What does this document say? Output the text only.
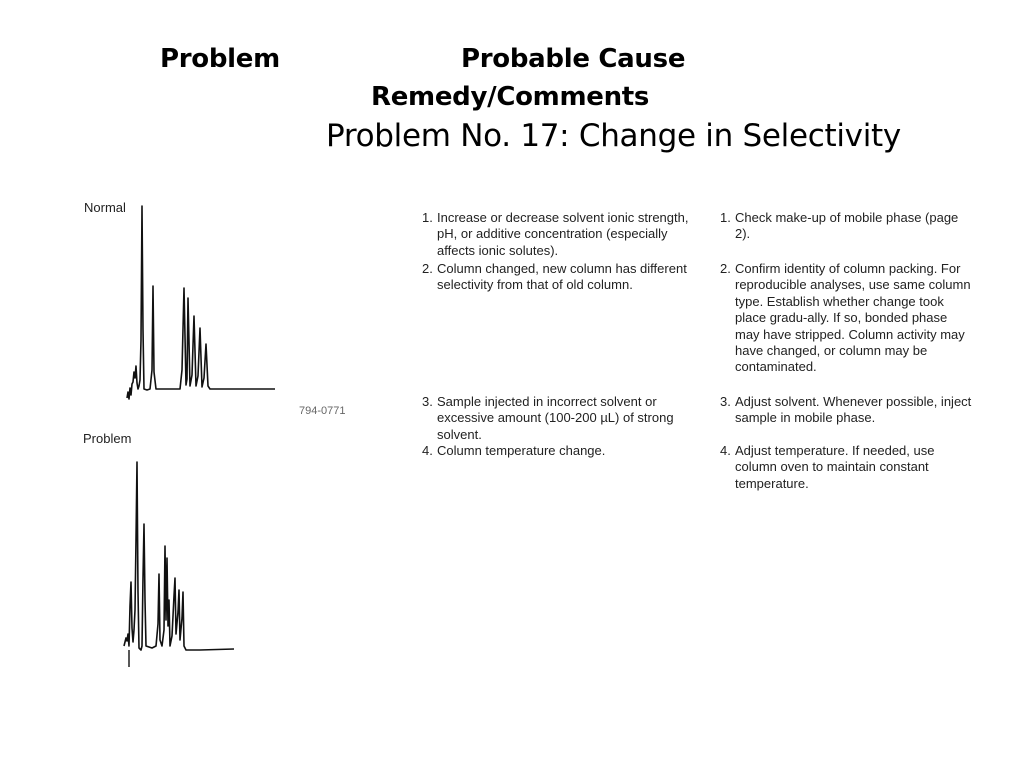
Problem	Probable Cause
Remedy/Comments
Problem No. 17: Change in Selectivity
Normal
Problem
794-0771
1. Increase or decrease solvent ionic strength, pH, or additive concentration (especially affects ionic solutes).
2. Column changed, new column has different selectivity from that of old column.
3. Sample injected in incorrect solvent or excessive amount (100-200 µL) of strong solvent.
4. Column temperature change.
1. Check make-up of mobile phase (page 2).
2. Confirm identity of column packing. For reproducible analyses, use same column type. Establish whether change took place gradu-ally. If so, bonded phase may have stripped. Column activity may have changed, or column may be contaminated.
3. Adjust solvent. Whenever possible, inject sample in mobile phase.
4. Adjust temperature. If needed, use column oven to maintain constant temperature.
